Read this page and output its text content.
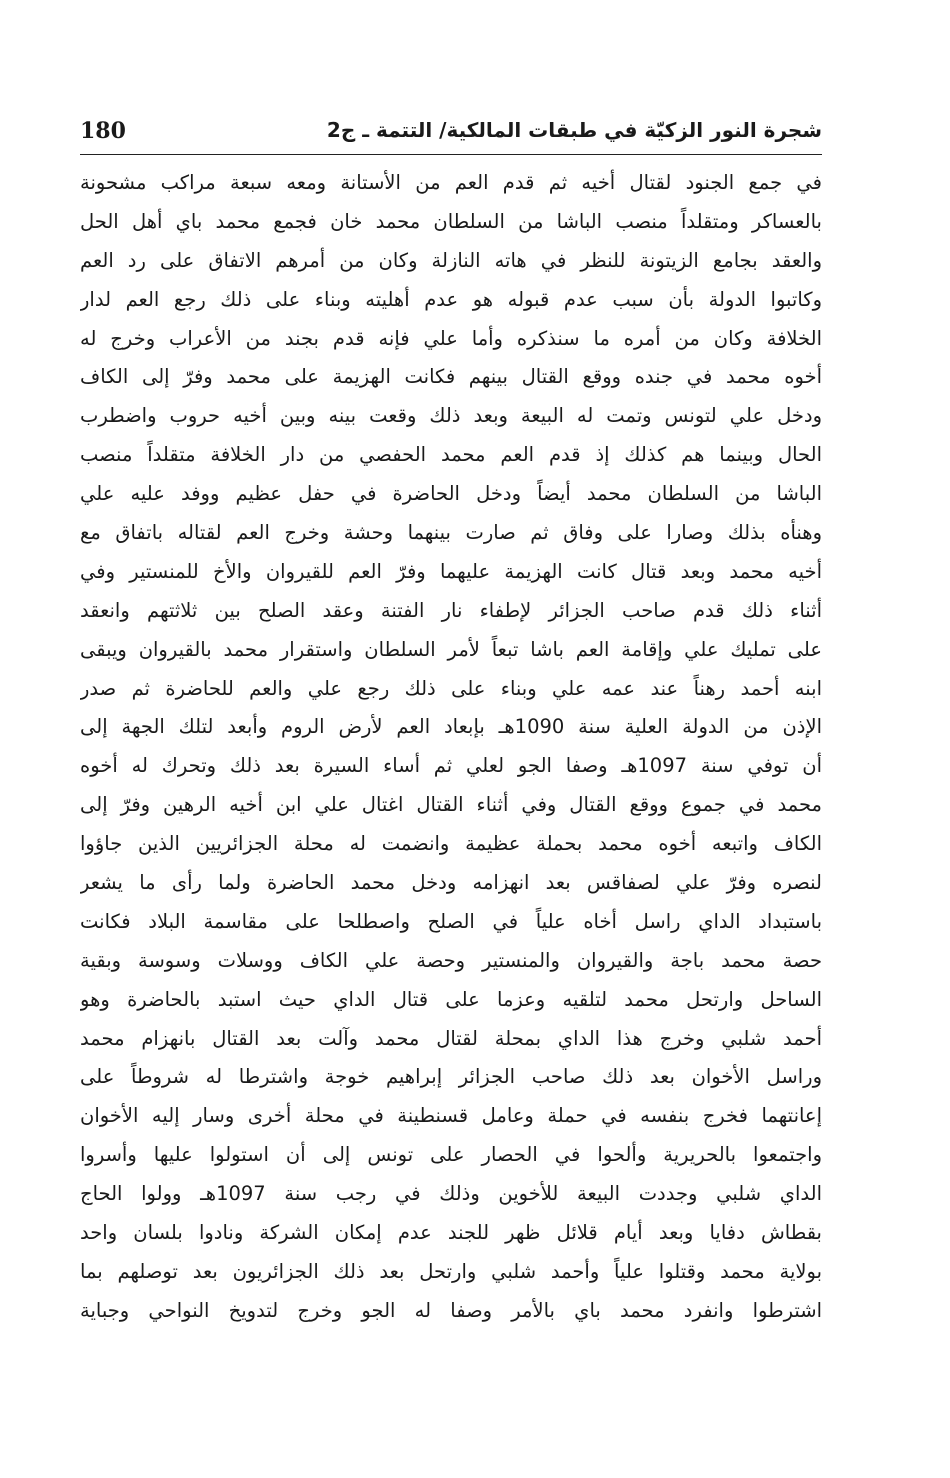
شجرة النور الزكيّة في طبقات المالكية/ التتمة ـ ج2
180
في جمع الجنود لقتال أخيه ثم قدم العم من الأستانة ومعه سبعة مراكب مشحونة
بالعساكر ومتقلداً منصب الباشا من السلطان محمد خان فجمع محمد باي أهل الحل
والعقد بجامع الزيتونة للنظر في هاته النازلة وكان من أمرهم الاتفاق على رد العم
وكاتبوا الدولة بأن سبب عدم قبوله هو عدم أهليته وبناء على ذلك رجع العم لدار
الخلافة وكان من أمره ما سنذكره وأما علي فإنه قدم بجند من الأعراب وخرج له
أخوه محمد في جنده ووقع القتال بينهم فكانت الهزيمة على محمد وفرّ إلى الكاف
ودخل علي لتونس وتمت له البيعة وبعد ذلك وقعت بينه وبين أخيه حروب واضطرب
الحال وبينما هم كذلك إذ قدم العم محمد الحفصي من دار الخلافة متقلداً منصب
الباشا من السلطان محمد أيضاً ودخل الحاضرة في حفل عظيم ووفد عليه علي
وهنأه بذلك وصارا على وفاق ثم صارت بينهما وحشة وخرج العم لقتاله باتفاق مع
أخيه محمد وبعد قتال كانت الهزيمة عليهما وفرّ العم للقيروان والأخ للمنستير وفي
أثناء ذلك قدم صاحب الجزائر لإطفاء نار الفتنة وعقد الصلح بين ثلاثتهم وانعقد
على تمليك علي وإقامة العم باشا تبعاً لأمر السلطان واستقرار محمد بالقيروان ويبقى
ابنه أحمد رهناً عند عمه علي وبناء على ذلك رجع علي والعم للحاضرة ثم صدر
الإذن من الدولة العلية سنة 1090هـ بإبعاد العم لأرض الروم وأبعد لتلك الجهة إلى
أن توفي سنة 1097هـ وصفا الجو لعلي ثم أساء السيرة بعد ذلك وتحرك له أخوه
محمد في جموع ووقع القتال وفي أثناء القتال اغتال علي ابن أخيه الرهين وفرّ إلى
الكاف واتبعه أخوه محمد بحملة عظيمة وانضمت له محلة الجزائريين الذين جاؤوا
لنصره وفرّ علي لصفاقس بعد انهزامه ودخل محمد الحاضرة ولما رأى ما يشعر
باستبداد الداي راسل أخاه علياً في الصلح واصطلحا على مقاسمة البلاد فكانت
حصة محمد باجة والقيروان والمنستير وحصة علي الكاف ووسلات وسوسة وبقية
الساحل وارتحل محمد لتلقيه وعزما على قتال الداي حيث استبد بالحاضرة وهو
أحمد شلبي وخرج هذا الداي بمحلة لقتال محمد وآلت بعد القتال بانهزام محمد
وراسل الأخوان بعد ذلك صاحب الجزائر إبراهيم خوجة واشترطا له شروطاً على
إعانتهما فخرج بنفسه في حملة وعامل قسنطينة في محلة أخرى وسار إليه الأخوان
واجتمعوا بالحريرية وألحوا في الحصار على تونس إلى أن استولوا عليها وأسروا
الداي شلبي وجددت البيعة للأخوين وذلك في رجب سنة 1097هـ وولوا الحاج
بقطاش دفايا وبعد أيام قلائل ظهر للجند عدم إمكان الشركة ونادوا بلسان واحد
بولاية محمد وقتلوا علياً وأحمد شلبي وارتحل بعد ذلك الجزائريون بعد توصلهم بما
اشترطوا وانفرد محمد باي بالأمر وصفا له الجو وخرج لتدويخ النواحي وجباية
